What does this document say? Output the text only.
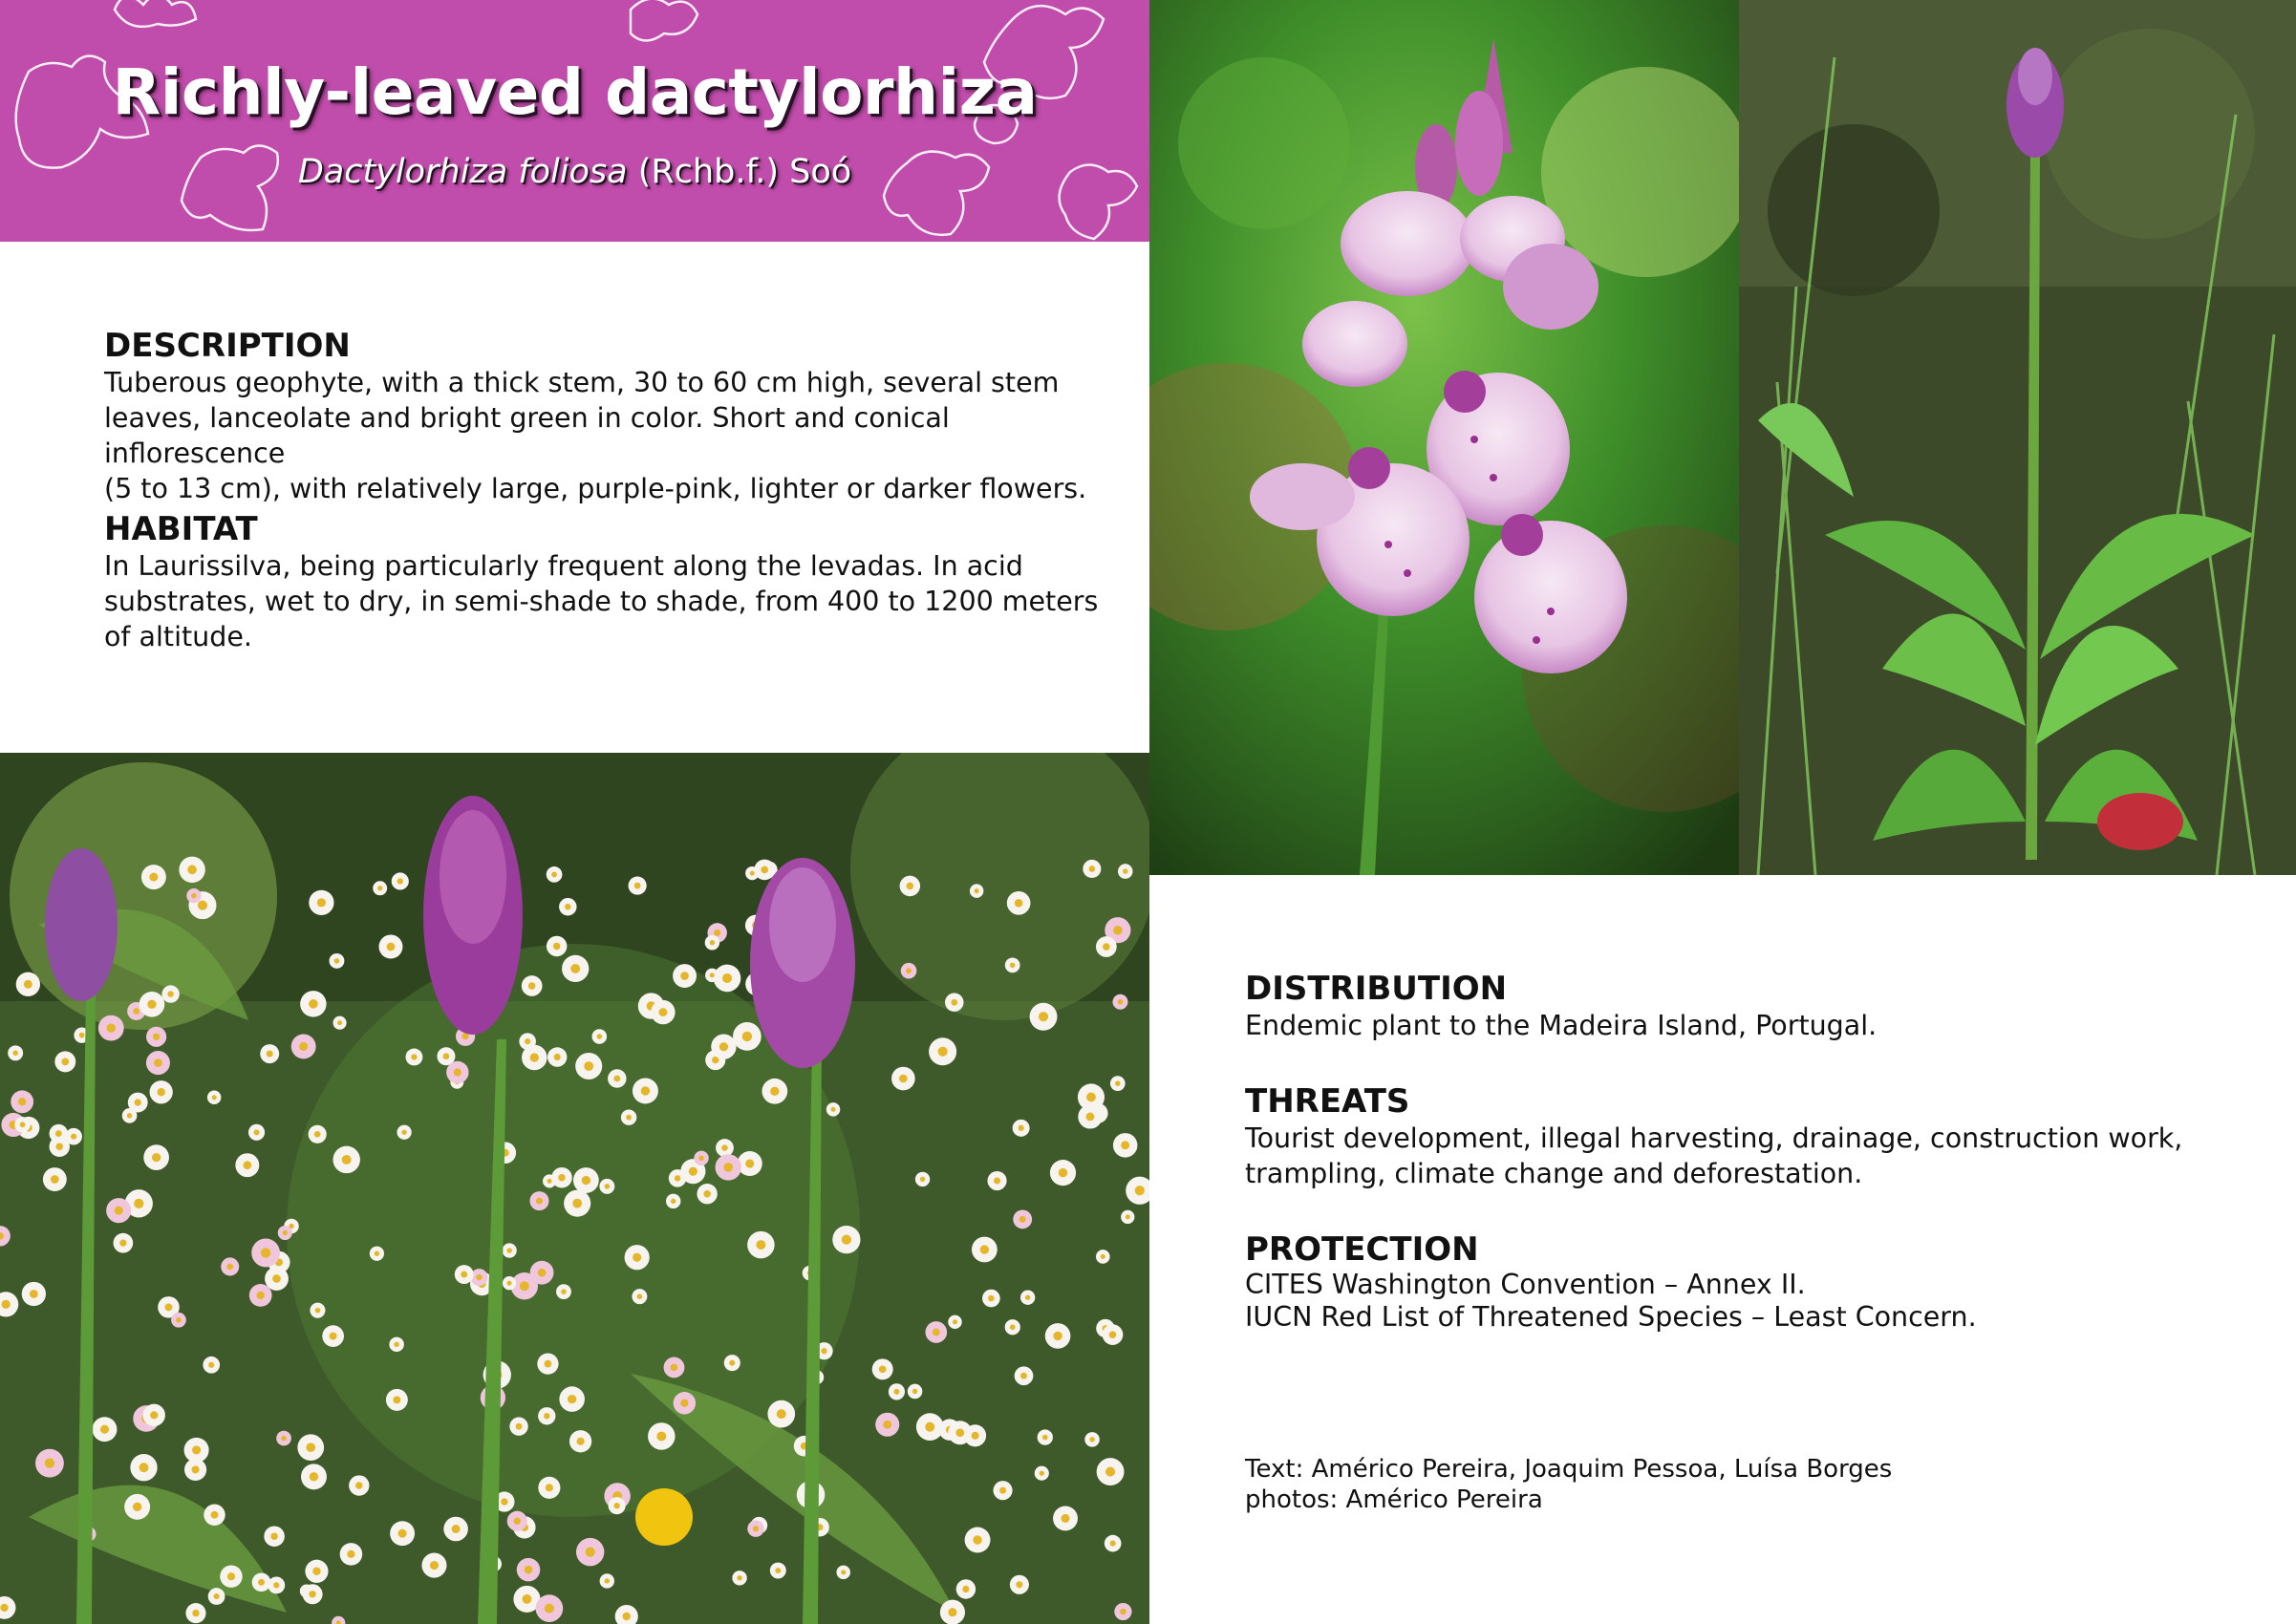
Richly-leaved dactylorhiza
Dactylorhiza foliosa (Rchb.f.) Soó
DESCRIPTION

Tuberous geophyte, with a thick stem, 30 to 60 cm high, several stem

leaves, lanceolate and bright green in color. Short and conical inflorescence

(5 to 13 cm), with relatively large, purple-pink, lighter or darker flowers.

HABITAT

In Laurissilva, being particularly frequent along the levadas. In acid

substrates, wet to dry, in semi-shade to shade, from 400 to 1200 meters

of altitude.

DISTRIBUTION

Endemic plant to the Madeira Island, Portugal.

THREATS

Tourist development, illegal harvesting, drainage, construction work,

trampling, climate change and deforestation.

PROTECTION

CITES Washington Convention – Annex II.

IUCN Red List of Threatened Species – Least Concern.

Text: Américo Pereira, Joaquim Pessoa, Luísa Borges

photos: Américo Pereira
